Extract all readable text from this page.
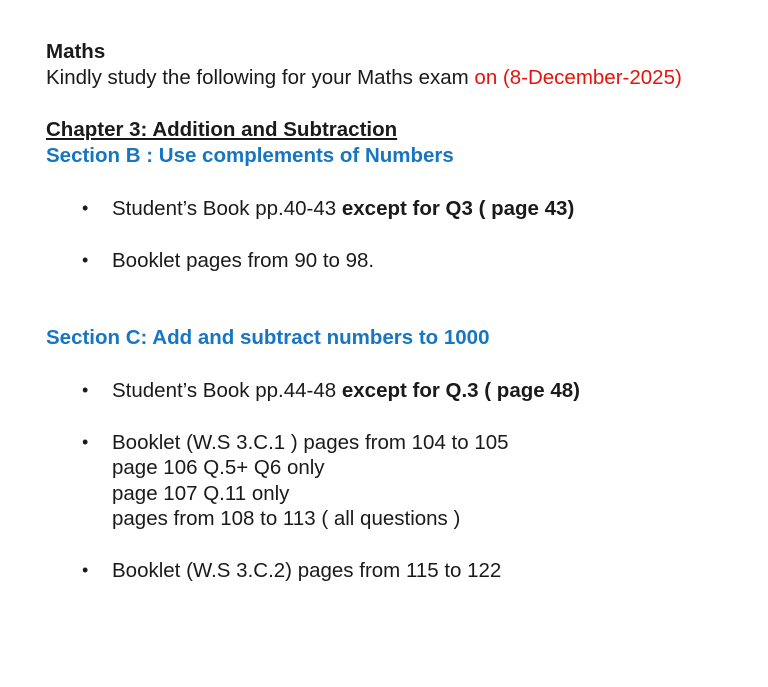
Maths
Kindly study the following for your Maths exam on (8-December-2025)
Chapter 3: Addition and Subtraction
Section B : Use complements of Numbers
• Student’s Book pp.40-43 except for Q3 ( page 43)
• Booklet pages from 90 to 98.
Section C: Add and subtract numbers to 1000
• Student’s Book pp.44-48 except for Q.3 ( page 48)
• Booklet (W.S 3.C.1 ) pages from 104 to 105
page 106 Q.5+ Q6 only
page 107 Q.11 only
pages from 108 to 113 ( all questions )
• Booklet (W.S 3.C.2) pages from 115 to 122
